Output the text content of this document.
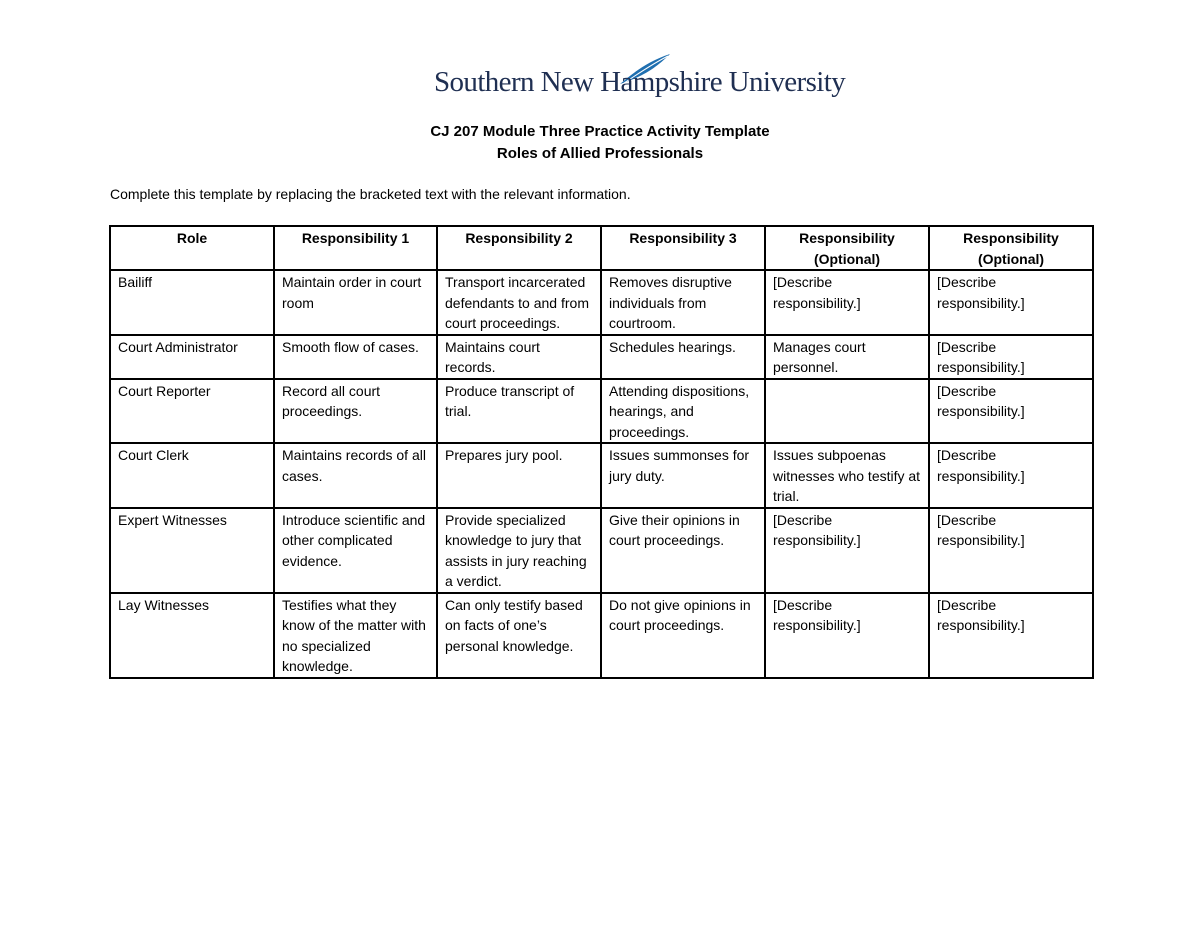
Southern New Hampshire University
CJ 207 Module Three Practice Activity Template
Roles of Allied Professionals
Complete this template by replacing the bracketed text with the relevant information.
Role	Responsibility 1	Responsibility 2	Responsibility 3	Responsibility (Optional)	Responsibility (Optional)
Bailiff	Maintain order in court room	Transport incarcerated defendants to and from court proceedings.	Removes disruptive individuals from courtroom.	[Describe responsibility.]	[Describe responsibility.]
Court Administrator	Smooth flow of cases.	Maintains court records.	Schedules hearings.	Manages court personnel.	[Describe responsibility.]
Court Reporter	Record all court proceedings.	Produce transcript of trial.	Attending dispositions, hearings, and proceedings.		[Describe responsibility.]
Court Clerk	Maintains records of all cases.	Prepares jury pool.	Issues summonses for jury duty.	Issues subpoenas witnesses who testify at trial.	[Describe responsibility.]
Expert Witnesses	Introduce scientific and other complicated evidence.	Provide specialized knowledge to jury that assists in jury reaching a verdict.	Give their opinions in court proceedings.	[Describe responsibility.]	[Describe responsibility.]
Lay Witnesses	Testifies what they know of the matter with no specialized knowledge.	Can only testify based on facts of one’s personal knowledge.	Do not give opinions in court proceedings.	[Describe responsibility.]	[Describe responsibility.]
